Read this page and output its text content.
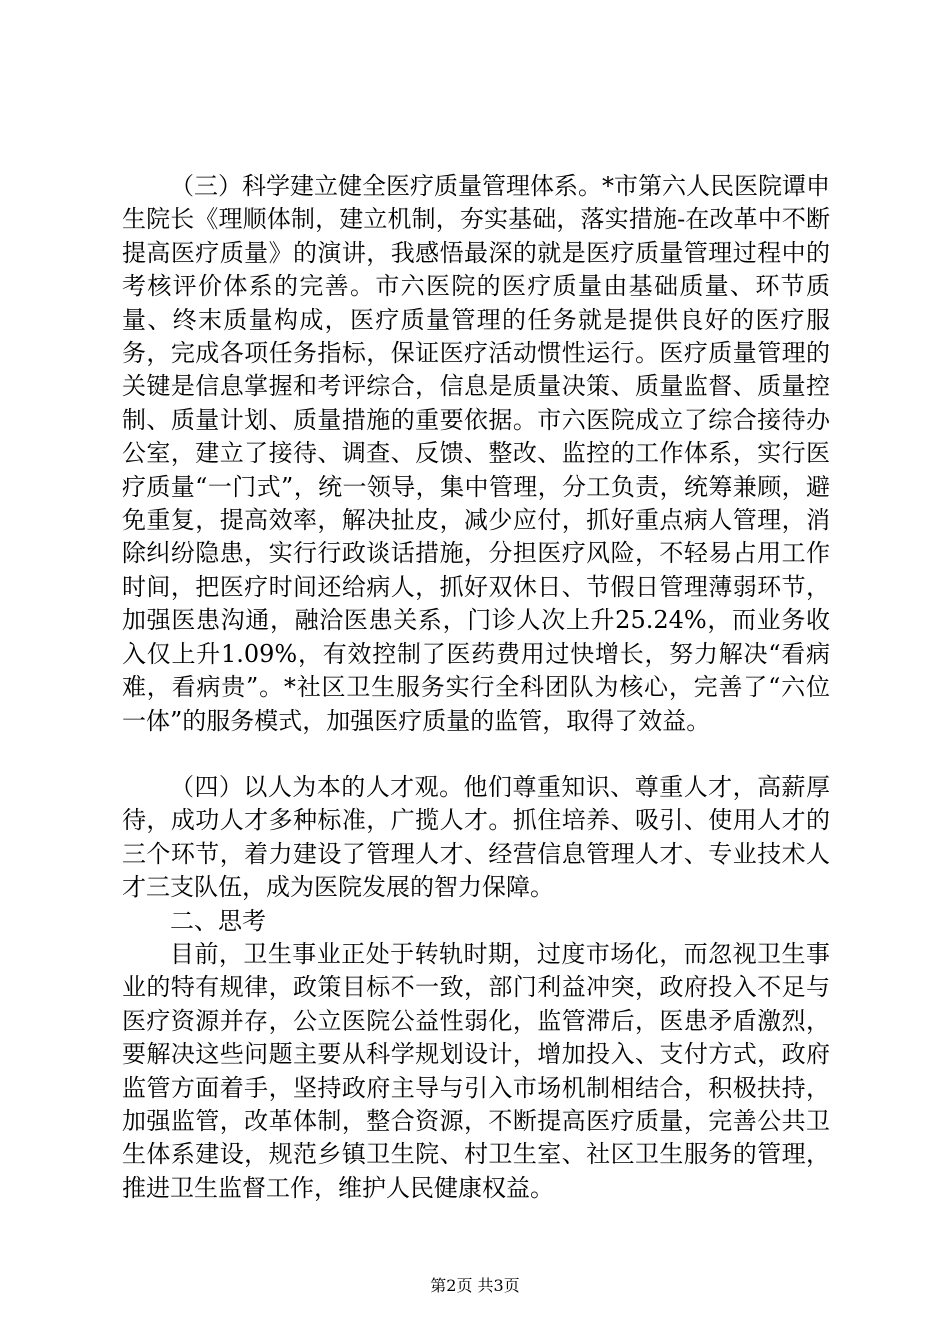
（三）科学建立健全医疗质量管理体系。*市第六人民医院谭申生院长《理顺体制，建立机制，夯实基础，落实措施-在改革中不断提高医疗质量》的演讲，我感悟最深的就是医疗质量管理过程中的考核评价体系的完善。市六医院的医疗质量由基础质量、环节质量、终末质量构成，医疗质量管理的任务就是提供良好的医疗服务，完成各项任务指标，保证医疗活动惯性运行。医疗质量管理的关键是信息掌握和考评综合，信息是质量决策、质量监督、质量控制、质量计划、质量措施的重要依据。市六医院成立了综合接待办公室，建立了接待、调查、反馈、整改、监控的工作体系，实行医疗质量“一门式”，统一领导，集中管理，分工负责，统筹兼顾，避免重复，提高效率，解决扯皮，减少应付，抓好重点病人管理，消除纠纷隐患，实行行政谈话措施，分担医疗风险，不轻易占用工作时间，把医疗时间还给病人，抓好双休日、节假日管理薄弱环节，加强医患沟通，融洽医患关系，门诊人次上升25.24%，而业务收入仅上升1.09%，有效控制了医药费用过快增长，努力解决“看病难，看病贵”。*社区卫生服务实行全科团队为核心，完善了“六位一体”的服务模式，加强医疗质量的监管，取得了效益。

（四）以人为本的人才观。他们尊重知识、尊重人才，高薪厚待，成功人才多种标准，广揽人才。抓住培养、吸引、使用人才的三个环节，着力建设了管理人才、经营信息管理人才、专业技术人才三支队伍，成为医院发展的智力保障。

二、思考

目前，卫生事业正处于转轨时期，过度市场化，而忽视卫生事业的特有规律，政策目标不一致，部门利益冲突，政府投入不足与医疗资源并存，公立医院公益性弱化，监管滞后，医患矛盾激烈，要解决这些问题主要从科学规划设计，增加投入、支付方式，政府监管方面着手，坚持政府主导与引入市场机制相结合，积极扶持，加强监管，改革体制，整合资源，不断提高医疗质量，完善公共卫生体系建设，规范乡镇卫生院、村卫生室、社区卫生服务的管理，推进卫生监督工作，维护人民健康权益。

第2页 共3页
